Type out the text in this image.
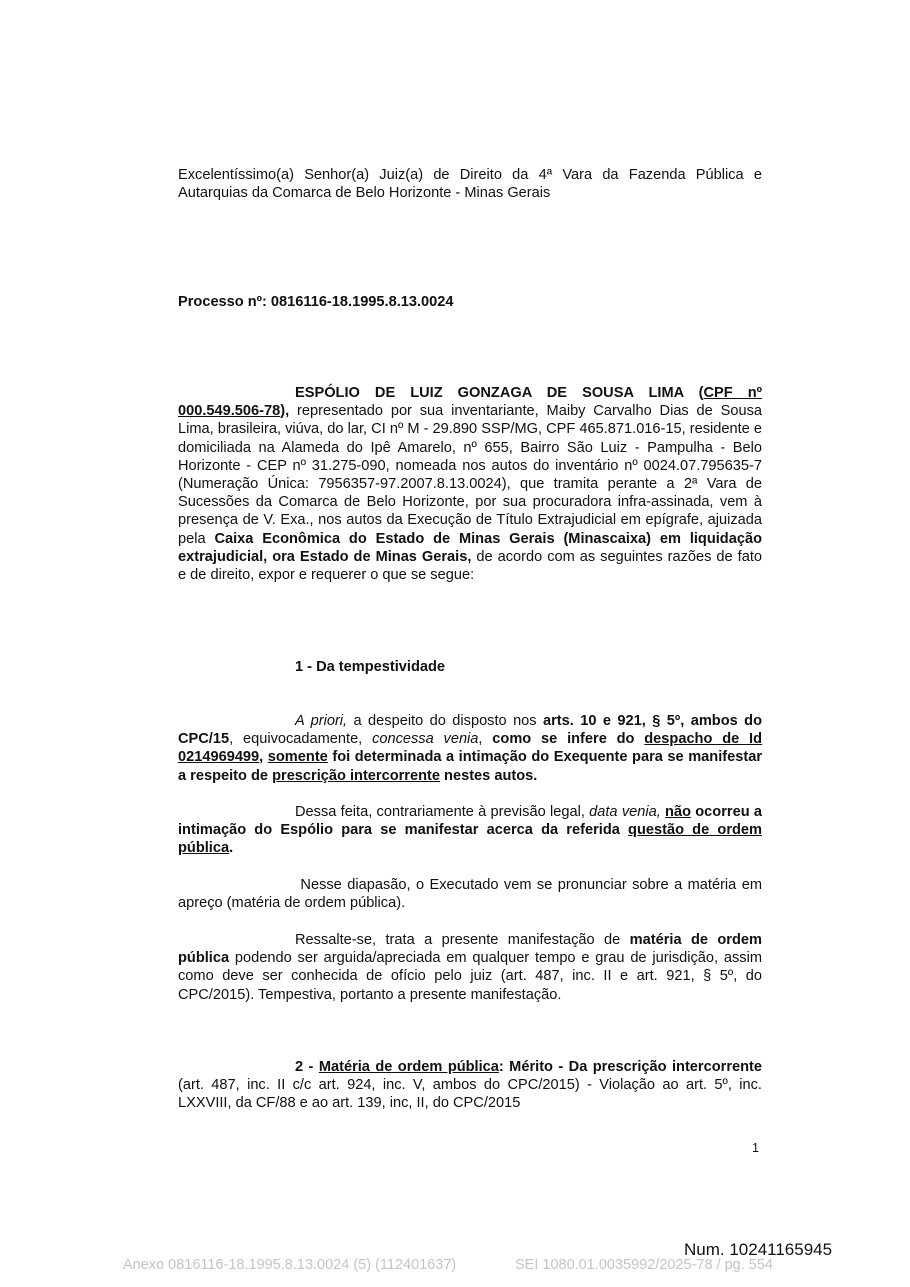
Excelentíssimo(a) Senhor(a) Juiz(a) de Direito da 4ª Vara da Fazenda Pública e Autarquias da Comarca de Belo Horizonte - Minas Gerais

Processo nº: 0816116-18.1995.8.13.0024

ESPÓLIO DE LUIZ GONZAGA DE SOUSA LIMA (CPF nº 000.549.506-78), representado por sua inventariante, Maiby Carvalho Dias de Sousa Lima, brasileira, viúva, do lar, CI nº M - 29.890 SSP/MG, CPF 465.871.016-15, residente e domiciliada na Alameda do Ipê Amarelo, nº 655, Bairro São Luiz - Pampulha - Belo Horizonte - CEP nº 31.275-090, nomeada nos autos do inventário nº 0024.07.795635-7 (Numeração Única: 7956357-97.2007.8.13.0024), que tramita perante a 2ª Vara de Sucessões da Comarca de Belo Horizonte, por sua procuradora infra-assinada, vem à presença de V. Exa., nos autos da Execução de Título Extrajudicial em epígrafe, ajuizada pela Caixa Econômica do Estado de Minas Gerais (Minascaixa) em liquidação extrajudicial, ora Estado de Minas Gerais, de acordo com as seguintes razões de fato e de direito, expor e requerer o que se segue:

1 - Da tempestividade

A priori, a despeito do disposto nos arts. 10 e 921, § 5º, ambos do CPC/15, equivocadamente, concessa venia, como se infere do despacho de Id 0214969499, somente foi determinada a intimação do Exequente para se manifestar a respeito de prescrição intercorrente nestes autos.

Dessa feita, contrariamente à previsão legal, data venia, não ocorreu a intimação do Espólio para se manifestar acerca da referida questão de ordem pública.

Nesse diapasão, o Executado vem se pronunciar sobre a matéria em apreço (matéria de ordem pública).

Ressalte-se, trata a presente manifestação de matéria de ordem pública podendo ser arguida/apreciada em qualquer tempo e grau de jurisdição, assim como deve ser conhecida de ofício pelo juiz (art. 487, inc. II e art. 921, § 5º, do CPC/2015). Tempestiva, portanto a presente manifestação.

2 - Matéria de ordem pública: Mérito - Da prescrição intercorrente (art. 487, inc. II c/c art. 924, inc. V, ambos do CPC/2015) - Violação ao art. 5º, inc. LXXVIII, da CF/88 e ao art. 139, inc, II, do CPC/2015

1
Num. 10241165945
Anexo 0816116-18.1995.8.13.0024 (5) (112401637)	SEI 1080.01.0035992/2025-78 / pg. 554
